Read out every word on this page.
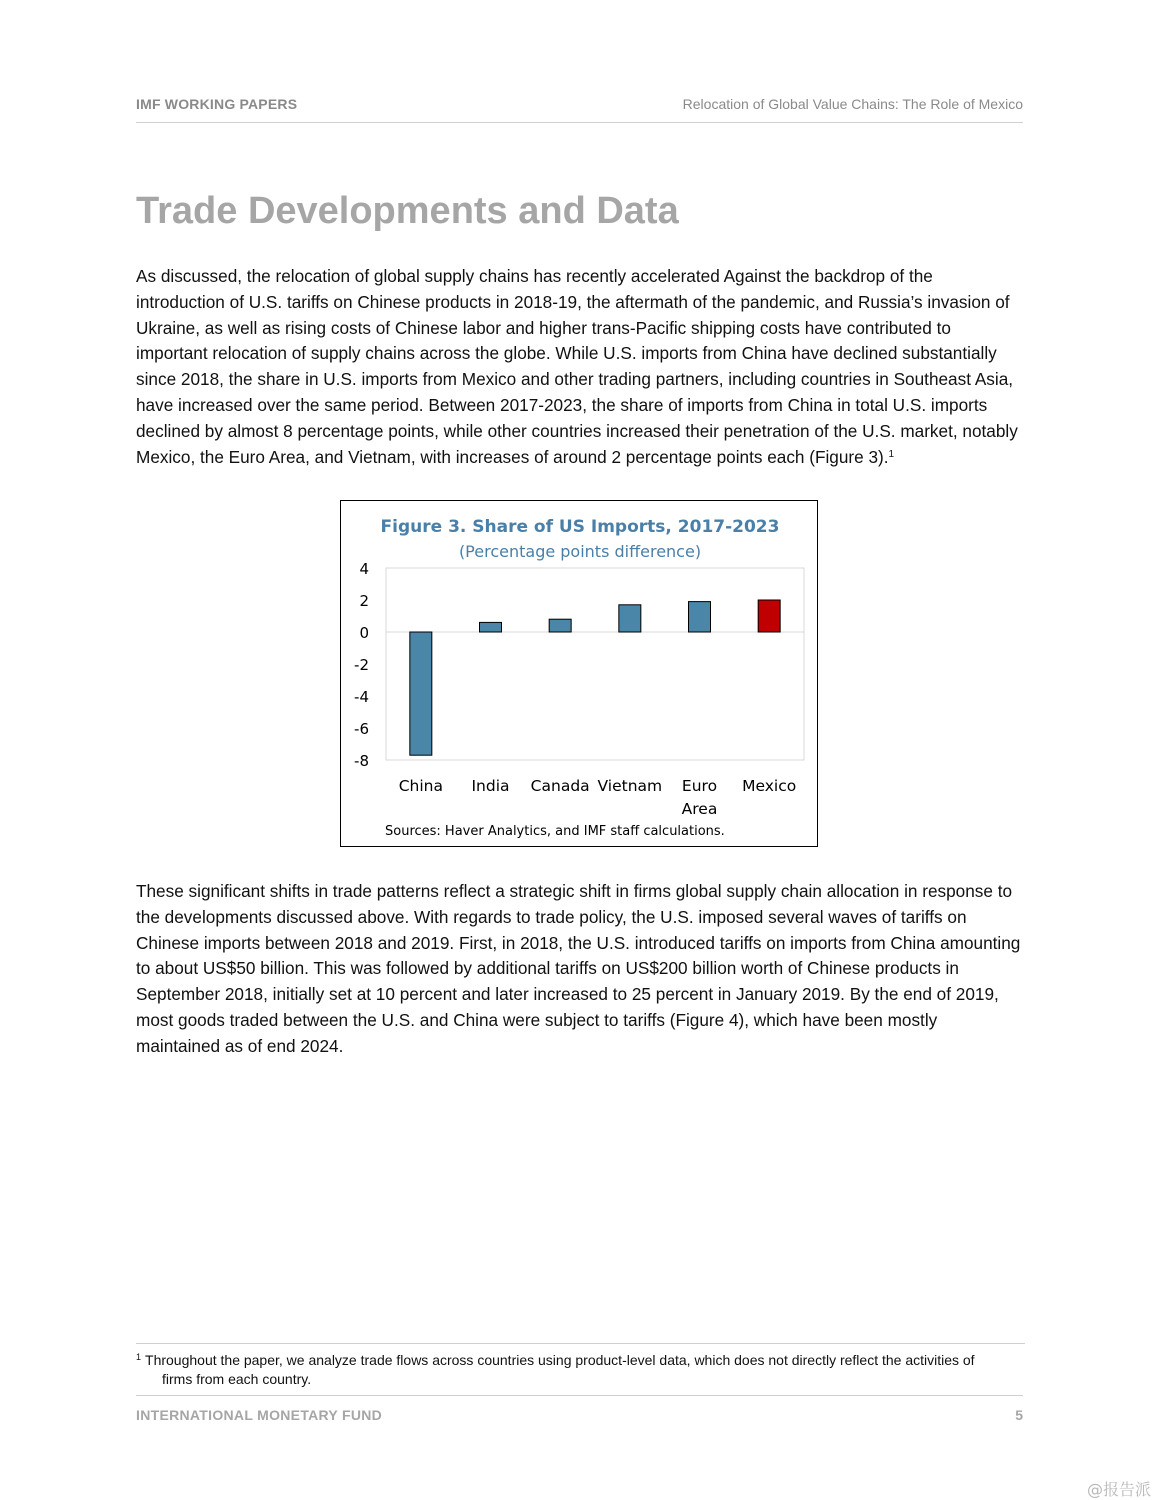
IMF WORKING PAPERS	Relocation of Global Value Chains: The Role of Mexico
Trade Developments and Data

As discussed, the relocation of global supply chains has recently accelerated Against the backdrop of the introduction of U.S. tariffs on Chinese products in 2018-19, the aftermath of the pandemic, and Russia’s invasion of Ukraine, as well as rising costs of Chinese labor and higher trans-Pacific shipping costs have contributed to important relocation of supply chains across the globe. While U.S. imports from China have declined substantially since 2018, the share in U.S. imports from Mexico and other trading partners, including countries in Southeast Asia, have increased over the same period. Between 2017-2023, the share of imports from China in total U.S. imports declined by almost 8 percentage points, while other countries increased their penetration of the U.S. market, notably Mexico, the Euro Area, and Vietnam, with increases of around 2 percentage points each (Figure 3).$^1$

4
2
0
-2
-4
-6
-8
China India Canada Vietnam Euro
Area
Mexico
Figure 3. Share of US Imports, 2017-2023
(Percentage points difference)
Sources: Haver Analytics, and IMF staff calculations.

These significant shifts in trade patterns reflect a strategic shift in firms global supply chain allocation in response to the developments discussed above. With regards to trade policy, the U.S. imposed several waves of tariffs on Chinese imports between 2018 and 2019. First, in 2018, the U.S. introduced tariffs on imports from China amounting to about US$50 billion. This was followed by additional tariffs on US$200 billion worth of Chinese products in September 2018, initially set at 10 percent and later increased to 25 percent in January 2019. By the end of 2019, most goods traded between the U.S. and China were subject to tariffs (Figure 4), which have been mostly maintained as of end 2024.

$^1$ Throughout the paper, we analyze trade flows across countries using product-level data, which does not directly reflect the activities of firms from each country.

INTERNATIONAL MONETARY FUND	5
@报告派
